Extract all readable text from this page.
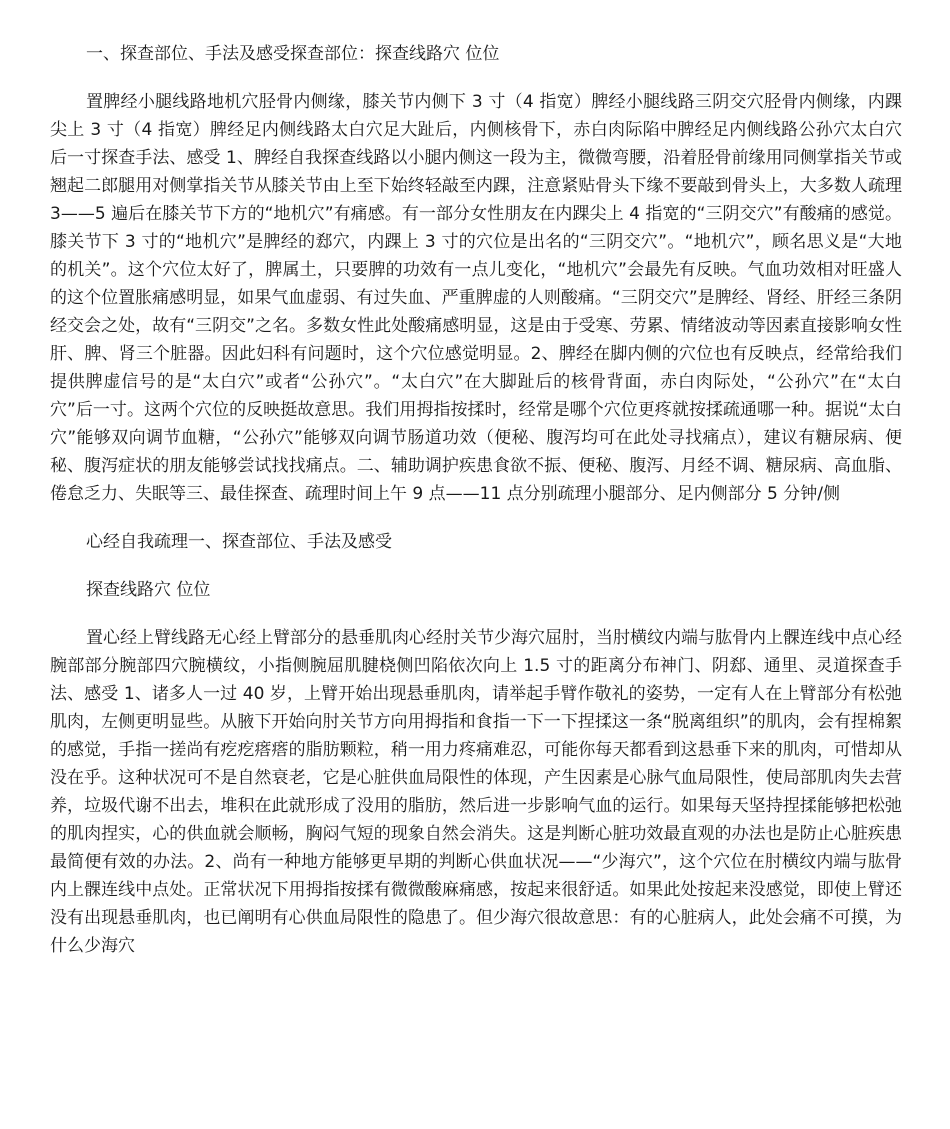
一、探查部位、手法及感受探查部位：探查线路穴 位位

置脾经小腿线路地机穴胫骨内侧缘，膝关节内侧下 3 寸（4 指宽）脾经小腿线路三阴交穴胫骨内侧缘，内踝尖上 3 寸（4 指宽）脾经足内侧线路太白穴足大趾后，内侧核骨下，赤白肉际陷中脾经足内侧线路公孙穴太白穴后一寸探查手法、感受 1、脾经自我探查线路以小腿内侧这一段为主，微微弯腰，沿着胫骨前缘用同侧掌指关节或翘起二郎腿用对侧掌指关节从膝关节由上至下始终轻敲至内踝，注意紧贴骨头下缘不要敲到骨头上，大多数人疏理 3——5 遍后在膝关节下方的“地机穴”有痛感。有一部分女性朋友在内踝尖上 4 指宽的“三阴交穴”有酸痛的感觉。膝关节下 3 寸的“地机穴”是脾经的郄穴，内踝上 3 寸的穴位是出名的“三阴交穴”。“地机穴”，顾名思义是“大地的机关”。这个穴位太好了，脾属土，只要脾的功效有一点儿变化，“地机穴”会最先有反映。气血功效相对旺盛人的这个位置胀痛感明显，如果气血虚弱、有过失血、严重脾虚的人则酸痛。“三阴交穴”是脾经、肾经、肝经三条阴经交会之处，故有“三阴交”之名。多数女性此处酸痛感明显，这是由于受寒、劳累、情绪波动等因素直接影响女性肝、脾、肾三个脏器。因此妇科有问题时，这个穴位感觉明显。2、脾经在脚内侧的穴位也有反映点，经常给我们提供脾虚信号的是“太白穴”或者“公孙穴”。“太白穴”在大脚趾后的核骨背面，赤白肉际处，“公孙穴”在“太白穴”后一寸。这两个穴位的反映挺故意思。我们用拇指按揉时，经常是哪个穴位更疼就按揉疏通哪一种。据说“太白穴”能够双向调节血糖，“公孙穴”能够双向调节肠道功效（便秘、腹泻均可在此处寻找痛点），建议有糖尿病、便秘、腹泻症状的朋友能够尝试找找痛点。二、辅助调护疾患食欲不振、便秘、腹泻、月经不调、糖尿病、高血脂、倦怠乏力、失眠等三、最佳探查、疏理时间上午 9 点——11 点分别疏理小腿部分、足内侧部分 5 分钟/侧

心经自我疏理一、探查部位、手法及感受

探查线路穴 位位

置心经上臂线路无心经上臂部分的悬垂肌肉心经肘关节少海穴屈肘，当肘横纹内端与肱骨内上髁连线中点心经腕部部分腕部四穴腕横纹，小指侧腕屈肌腱桡侧凹陷依次向上 1.5 寸的距离分布神门、阴郄、通里、灵道探查手法、感受 1、诸多人一过 40 岁，上臂开始出现悬垂肌肉，请举起手臂作敬礼的姿势，一定有人在上臂部分有松弛肌肉，左侧更明显些。从腋下开始向肘关节方向用拇指和食指一下一下捏揉这一条“脱离组织”的肌肉，会有捏棉絮的感觉，手指一搓尚有疙疙瘩瘩的脂肪颗粒，稍一用力疼痛难忍，可能你每天都看到这悬垂下来的肌肉，可惜却从没在乎。这种状况可不是自然衰老，它是心脏供血局限性的体现，产生因素是心脉气血局限性，使局部肌肉失去营养，垃圾代谢不出去，堆积在此就形成了没用的脂肪，然后进一步影响气血的运行。如果每天坚持捏揉能够把松弛的肌肉捏实，心的供血就会顺畅，胸闷气短的现象自然会消失。这是判断心脏功效最直观的办法也是防止心脏疾患最简便有效的办法。2、尚有一种地方能够更早期的判断心供血状况——“少海穴”，这个穴位在肘横纹内端与肱骨内上髁连线中点处。正常状况下用拇指按揉有微微酸麻痛感，按起来很舒适。如果此处按起来没感觉，即使上臂还没有出现悬垂肌肉，也已阐明有心供血局限性的隐患了。但少海穴很故意思：有的心脏病人，此处会痛不可摸，为什么少海穴
